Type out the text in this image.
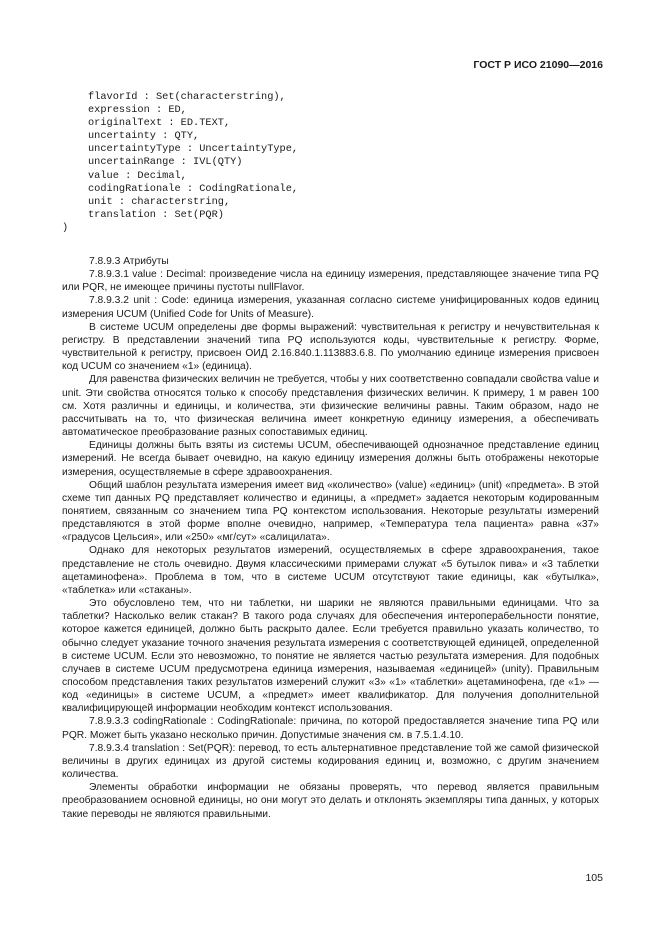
ГОСТ Р ИСО 21090—2016
flavorId : Set(characterstring),
expression : ED,
originalText : ED.TEXT,
uncertainty : QTY,
uncertaintyType : UncertaintyType,
uncertainRange : IVL(QTY)
value : Decimal,
codingRationale : CodingRationale,
unit : characterstring,
translation : Set(PQR)
)

7.8.9.3 Атрибуты

7.8.9.3.1 value : Decimal: произведение числа на единицу измерения, представляющее значение типа PQ или PQR, не имеющее причины пустоты nullFlavor.

7.8.9.3.2 unit : Code: единица измерения, указанная согласно системе унифицированных кодов единиц измерения UCUM (Unified Code for Units of Measure).

В системе UCUM определены две формы выражений: чувствительная к регистру и нечувствительная к регистру. В представлении значений типа PQ используются коды, чувствительные к регистру. Форме, чувствительной к регистру, присвоен ОИД 2.16.840.1.113883.6.8. По умолчанию единице измерения присвоен код UCUM со значением «1» (единица).

Для равенства физических величин не требуется, чтобы у них соответственно совпадали свойства value и unit. Эти свойства относятся только к способу представления физических величин. К примеру, 1 м равен 100 см. Хотя различны и единицы, и количества, эти физические величины равны. Таким образом, надо не рассчитывать на то, что физическая величина имеет конкретную единицу измерения, а обеспечивать автоматическое преобразование разных сопоставимых единиц.

Единицы должны быть взяты из системы UCUM, обеспечивающей однозначное представление единиц измерений. Не всегда бывает очевидно, на какую единицу измерения должны быть отображены некоторые измерения, осуществляемые в сфере здравоохранения.

Общий шаблон результата измерения имеет вид «количество» (value) «единиц» (unit) «предмета». В этой схеме тип данных PQ представляет количество и единицы, а «предмет» задается некоторым кодированным понятием, связанным со значением типа PQ контекстом использования. Некоторые результаты измерений представляются в этой форме вполне очевидно, например, «Температура тела пациента» равна «37» «градусов Цельсия», или «250» «мг/сут» «салицилата».

Однако для некоторых результатов измерений, осуществляемых в сфере здравоохранения, такое представление не столь очевидно. Двумя классическими примерами служат «5 бутылок пива» и «3 таблетки ацетаминофена». Проблема в том, что в системе UCUM отсутствуют такие единицы, как «бутылка», «таблетка» или «стаканы».

Это обусловлено тем, что ни таблетки, ни шарики не являются правильными единицами. Что за таблетки? Насколько велик стакан? В такого рода случаях для обеспечения интероперабельности понятие, которое кажется единицей, должно быть раскрыто далее. Если требуется правильно указать количество, то обычно следует указание точного значения результата измерения с соответствующей единицей, определенной в системе UCUM. Если это невозможно, то понятие не является частью результата измерения. Для подобных случаев в системе UCUM предусмотрена единица измерения, называемая «единицей» (unity). Правильным способом представления таких результатов измерений служит «3» «1» «таблетки» ацетаминофена, где «1» — код «единицы» в системе UCUM, а «предмет» имеет квалификатор. Для получения дополнительной квалифицирующей информации необходим контекст использования.

7.8.9.3.3 codingRationale : CodingRationale: причина, по которой предоставляется значение типа PQ или PQR. Может быть указано несколько причин. Допустимые значения см. в 7.5.1.4.10.

7.8.9.3.4 translation : Set(PQR): перевод, то есть альтернативное представление той же самой физической величины в других единицах из другой системы кодирования единиц и, возможно, с другим значением количества.

Элементы обработки информации не обязаны проверять, что перевод является правильным преобразованием основной единицы, но они могут это делать и отклонять экземпляры типа данных, у которых такие переводы не являются правильными.

105
